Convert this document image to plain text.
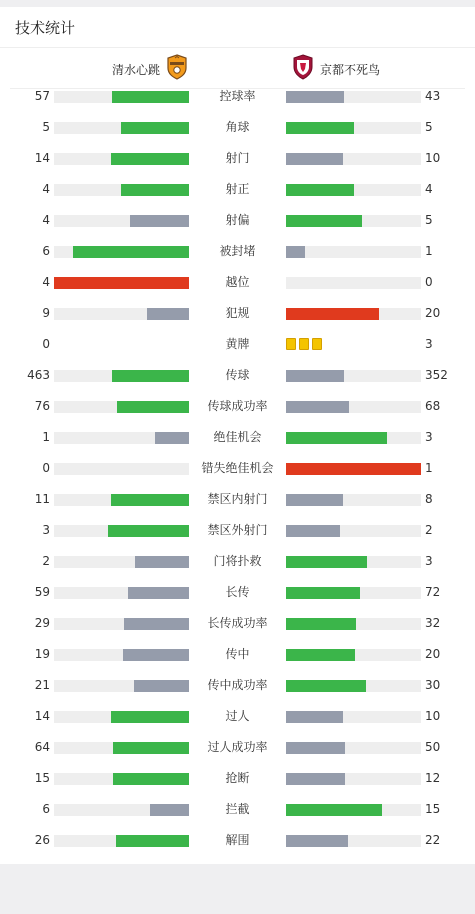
技术统计
清水心跳	京都不死鸟
57	控球率	43
5	角球	5
14	射门	10
4	射正	4
4	射偏	5
6	被封堵	1
4	越位	0
9	犯规	20
0	黄牌	3
463	传球	352
76	传球成功率	68
1	绝佳机会	3
0	错失绝佳机会	1
11	禁区内射门	8
3	禁区外射门	2
2	门将扑救	3
59	长传	72
29	长传成功率	32
19	传中	20
21	传中成功率	30
14	过人	10
64	过人成功率	50
15	抢断	12
6	拦截	15
26	解围	22
